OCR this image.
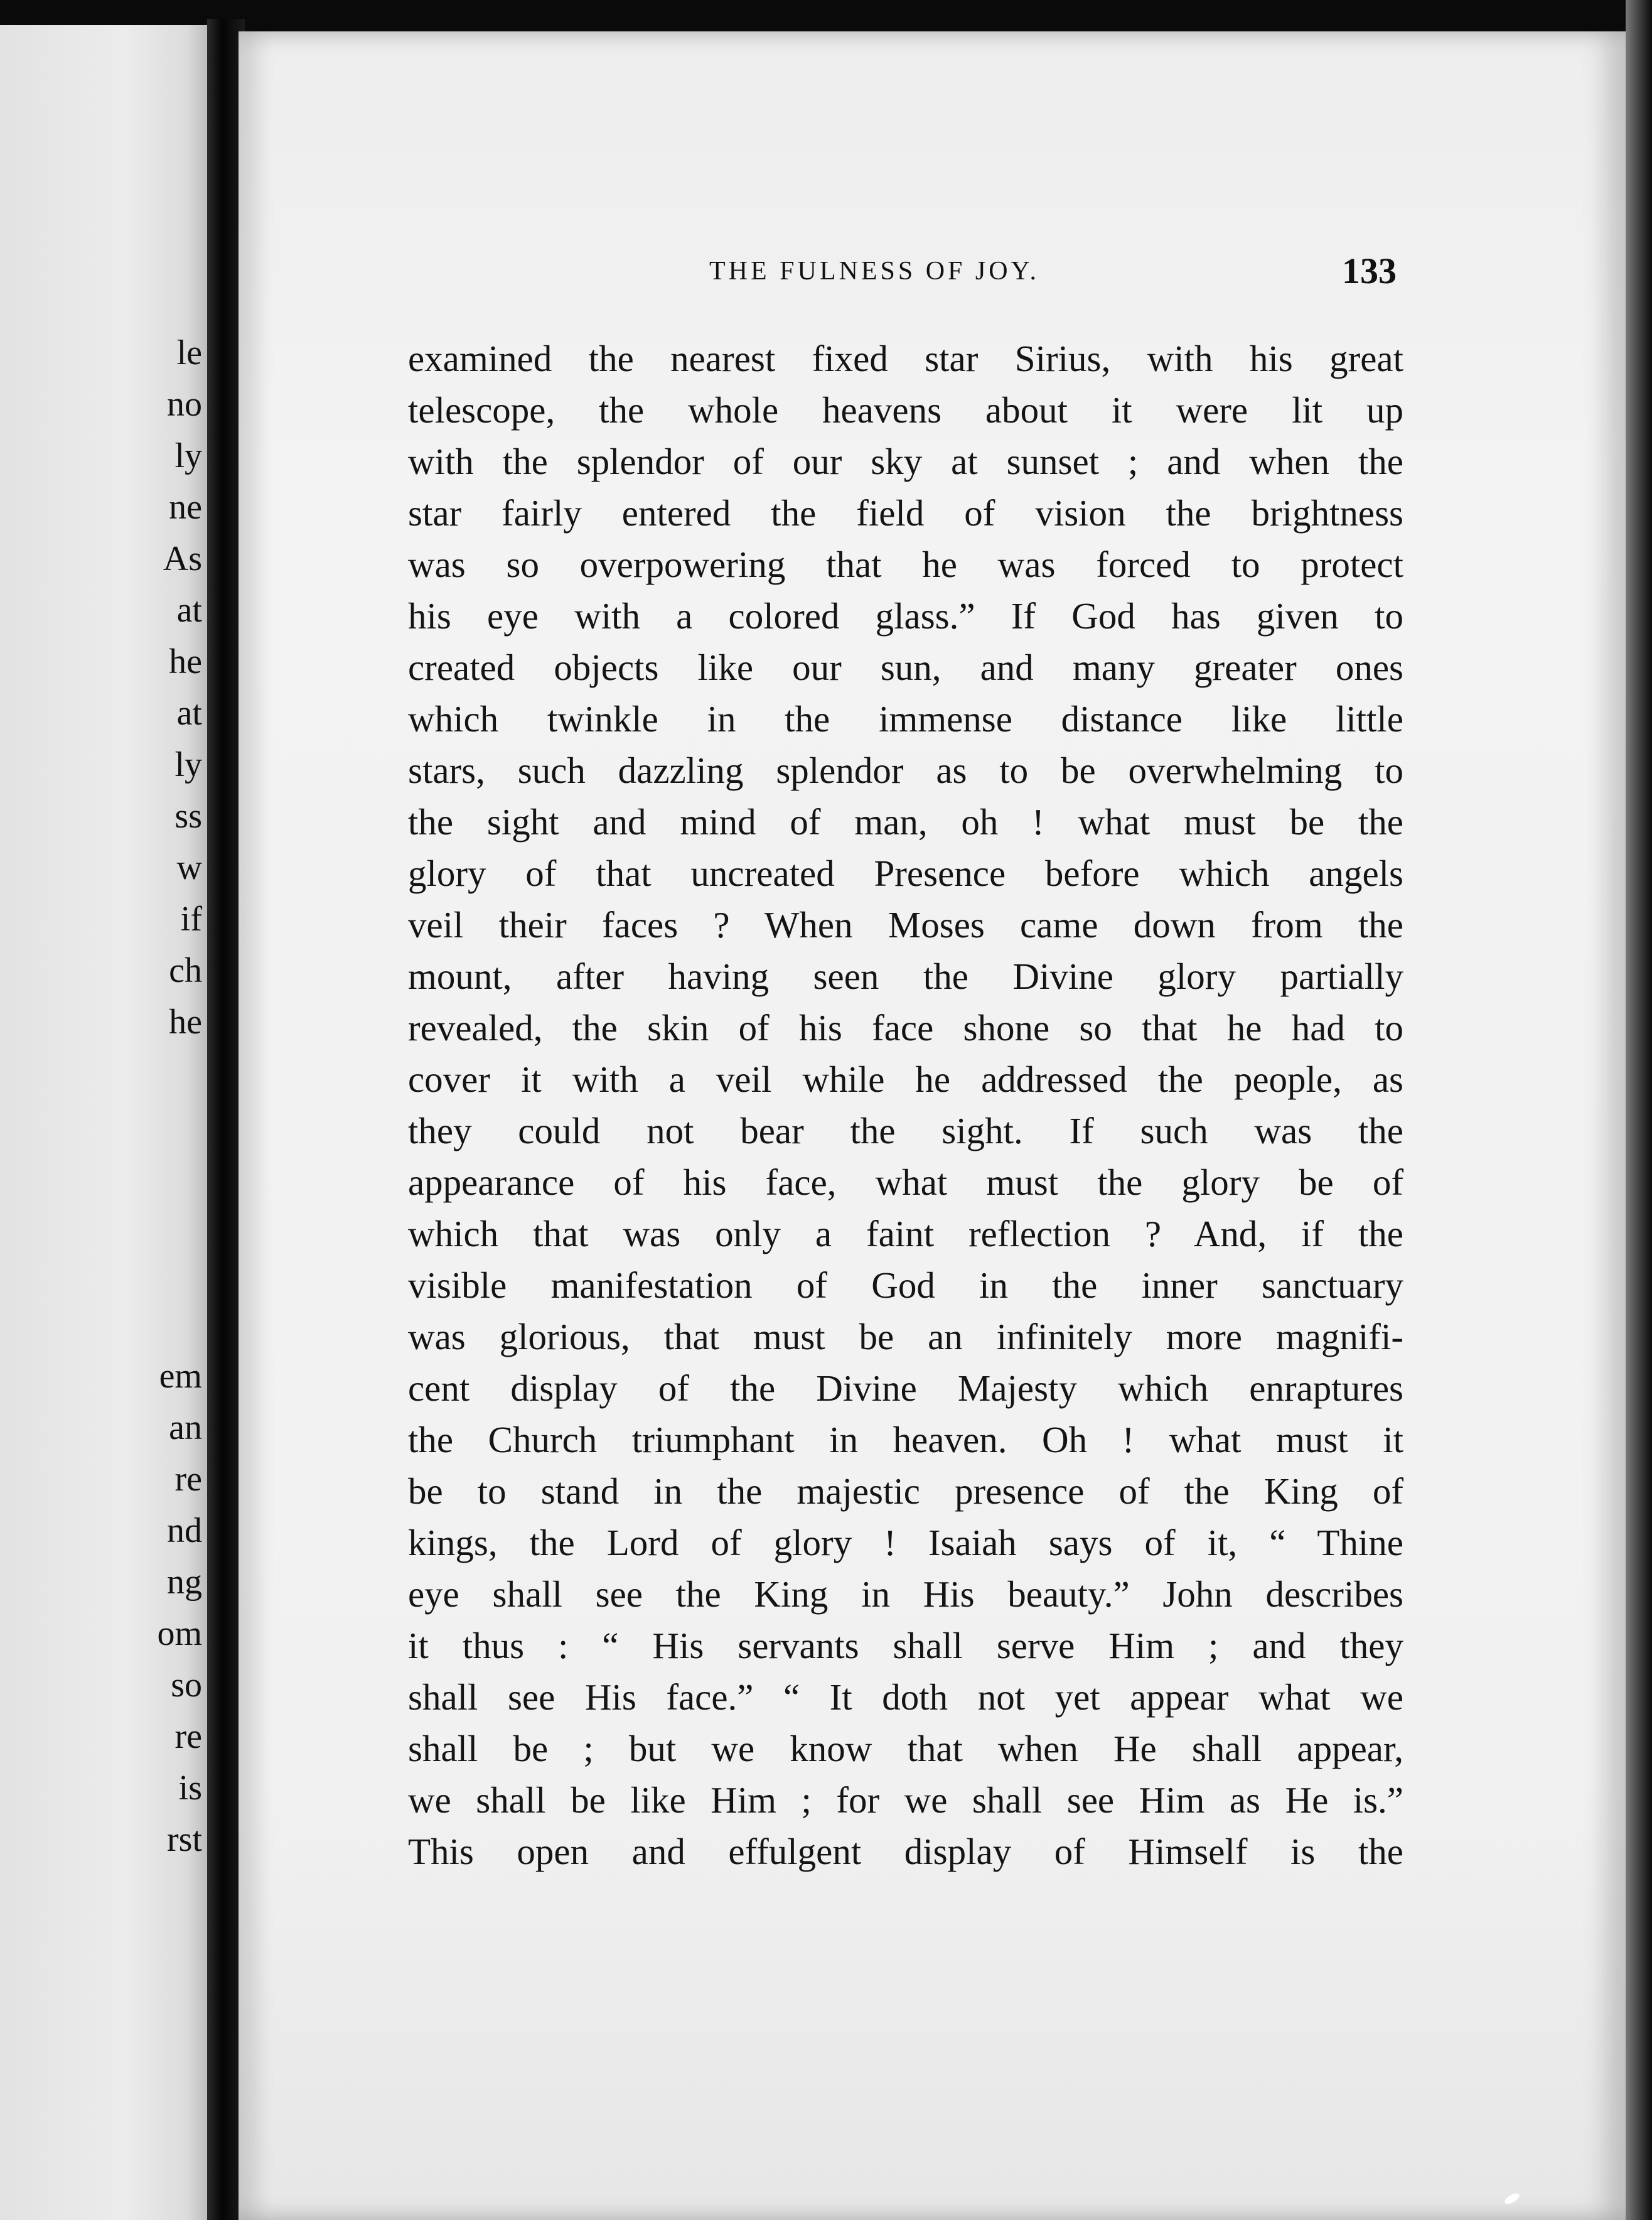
le
no
ly
ne
As
at
he
at
ly
ss
w
if
ch
he
em
an
re
nd
ng
om
so
re
is
rst
THE FULNESS OF JOY.	133
examined the nearest fixed star Sirius, with his great
telescope, the whole heavens about it were lit up
with the splendor of our sky at sunset ; and when the
star fairly entered the field of vision the brightness
was so overpowering that he was forced to protect
his eye with a colored glass.” If God has given to
created objects like our sun, and many greater ones
which twinkle in the immense distance like little
stars, such dazzling splendor as to be overwhelming to
the sight and mind of man, oh ! what must be the
glory of that uncreated Presence before which angels
veil their faces ? When Moses came down from the
mount, after having seen the Divine glory partially
revealed, the skin of his face shone so that he had to
cover it with a veil while he addressed the people, as
they could not bear the sight. If such was the
appearance of his face, what must the glory be of
which that was only a faint reflection ? And, if the
visible manifestation of God in the inner sanctuary
was glorious, that must be an infinitely more magnifi-
cent display of the Divine Majesty which enraptures
the Church triumphant in heaven. Oh ! what must it
be to stand in the majestic presence of the King of
kings, the Lord of glory ! Isaiah says of it, “ Thine
eye shall see the King in His beauty.” John describes
it thus : “ His servants shall serve Him ; and they
shall see His face.” “ It doth not yet appear what we
shall be ; but we know that when He shall appear,
we shall be like Him ; for we shall see Him as He is.”
This open and effulgent display of Himself is the
